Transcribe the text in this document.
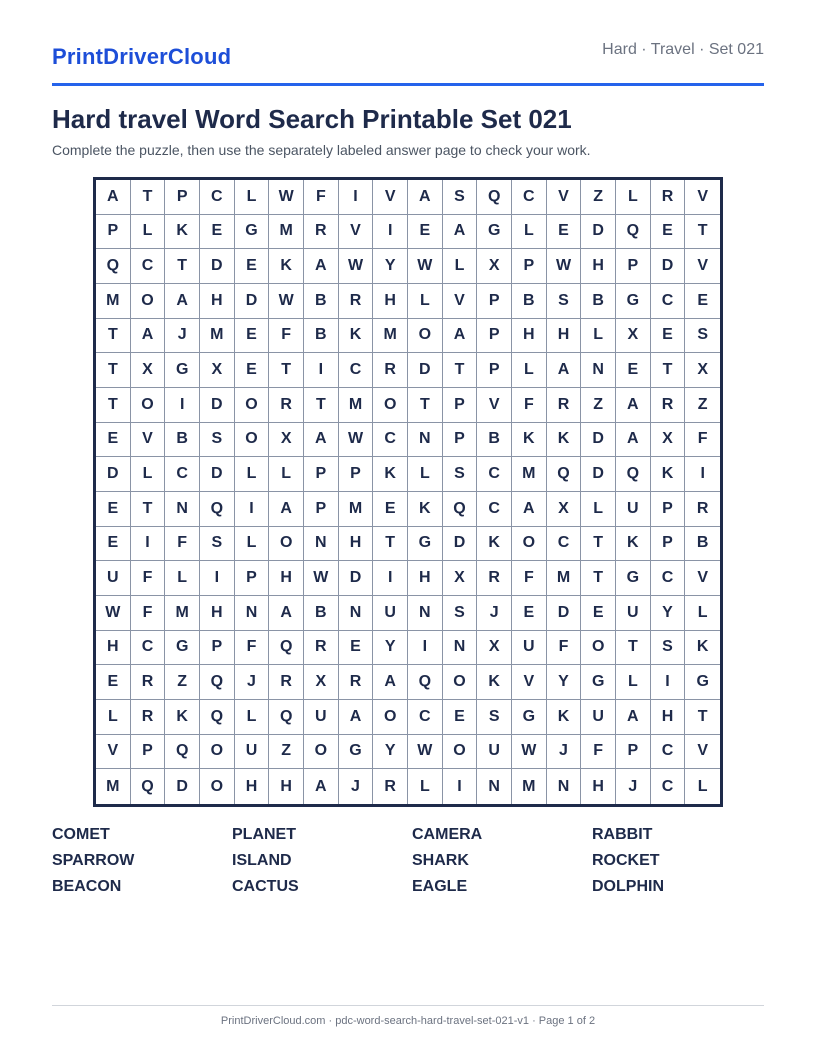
PrintDriverCloud	Hard · Travel · Set 021
Hard travel Word Search Printable Set 021

Complete the puzzle, then use the separately labeled answer page to check your work.

A	T	P	C	L	W	F	I	V	A	S	Q	C	V	Z	L	R	V
P	L	K	E	G	M	R	V	I	E	A	G	L	E	D	Q	E	T
Q	C	T	D	E	K	A	W	Y	W	L	X	P	W	H	P	D	V
M	O	A	H	D	W	B	R	H	L	V	P	B	S	B	G	C	E
T	A	J	M	E	F	B	K	M	O	A	P	H	H	L	X	E	S
T	X	G	X	E	T	I	C	R	D	T	P	L	A	N	E	T	X
T	O	I	D	O	R	T	M	O	T	P	V	F	R	Z	A	R	Z
E	V	B	S	O	X	A	W	C	N	P	B	K	K	D	A	X	F
D	L	C	D	L	L	P	P	K	L	S	C	M	Q	D	Q	K	I
E	T	N	Q	I	A	P	M	E	K	Q	C	A	X	L	U	P	R
E	I	F	S	L	O	N	H	T	G	D	K	O	C	T	K	P	B
U	F	L	I	P	H	W	D	I	H	X	R	F	M	T	G	C	V
W	F	M	H	N	A	B	N	U	N	S	J	E	D	E	U	Y	L
H	C	G	P	F	Q	R	E	Y	I	N	X	U	F	O	T	S	K
E	R	Z	Q	J	R	X	R	A	Q	O	K	V	Y	G	L	I	G
L	R	K	Q	L	Q	U	A	O	C	E	S	G	K	U	A	H	T
V	P	Q	O	U	Z	O	G	Y	W	O	U	W	J	F	P	C	V
M	Q	D	O	H	H	A	J	R	L	I	N	M	N	H	J	C	L
COMET	PLANET	CAMERA	RABBIT
SPARROW	ISLAND	SHARK	ROCKET
BEACON	CACTUS	EAGLE	DOLPHIN
PrintDriverCloud.com · pdc-word-search-hard-travel-set-021-v1 · Page 1 of 2
